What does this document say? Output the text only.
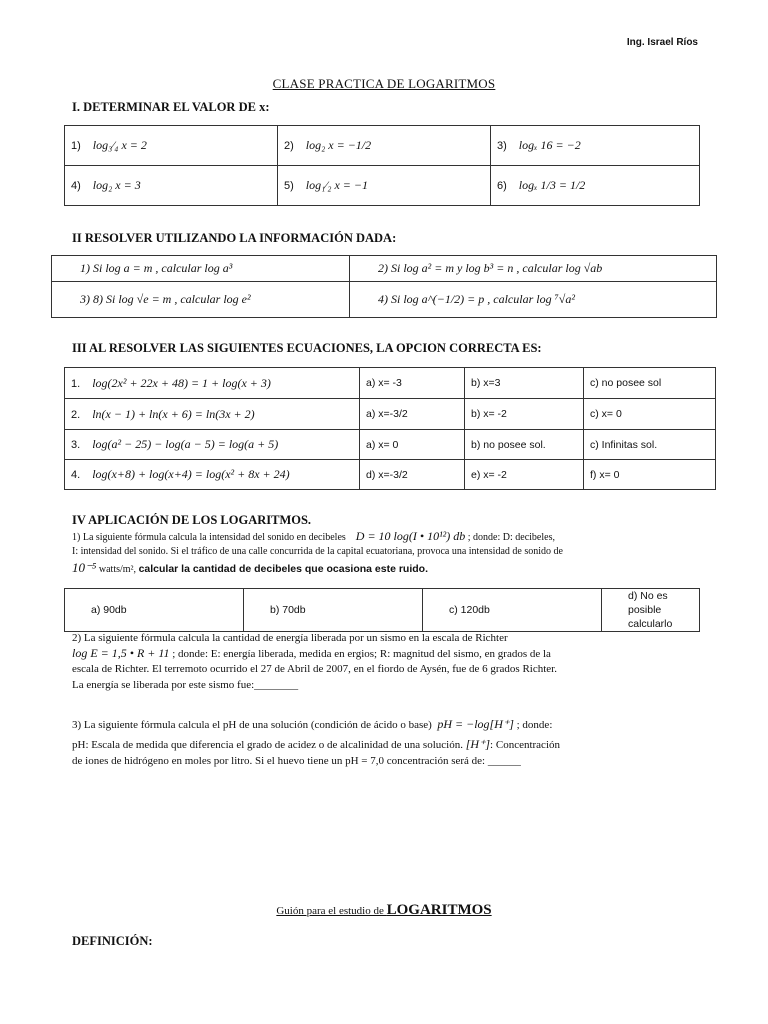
Ing. Israel Ríos
CLASE PRACTICA DE LOGARITMOS
I. DETERMINAR EL VALOR DE x:
1) log₃⁄₄ x = 2	2) log₂ x = −1/2	3) logₓ 16 = −2
4) log₂ x = 3	5) log₁⁄₂ x = −1	6) logₓ 1/3 = 1/2
II RESOLVER UTILIZANDO LA INFORMACIÓN DADA:
1) Si log a = m , calcular log a³	2) Si log a² = m y log b³ = n , calcular log √ab
3) 8) Si log √e = m , calcular log e²	4) Si log a^(−1/2) = p , calcular log ⁷√a²
III AL RESOLVER LAS SIGUIENTES ECUACIONES, LA OPCION CORRECTA ES:
1. log(2x² + 22x + 48) = 1 + log(x + 3)	a) x= -3	b) x=3	c) no posee sol
2. ln(x − 1) + ln(x + 6) = ln(3x + 2)	a) x=-3/2	b) x= -2	c) x= 0
3. log(a² − 25) − log(a − 5) = log(a + 5)	a) x= 0	b) no posee sol.	c) Infinitas sol.
4. log(x+8) + log(x+4) = log(x² + 8x + 24)	d) x=-3/2	e) x= -2	f) x= 0
IV APLICACIÓN DE LOS LOGARITMOS.
1) La siguiente fórmula calcula la intensidad del sonido en decibeles D = 10 log(I • 10¹²) db ; donde: D: decibeles,
I: intensidad del sonido. Si el tráfico de una calle concurrida de la capital ecuatoriana, provoca una intensidad de sonido de
10⁻⁵ watts/m², calcular la cantidad de decibeles que ocasiona este ruido.
a) 90db	b) 70db	c) 120db	d) No es posible calcularlo
2) La siguiente fórmula calcula la cantidad de energía liberada por un sismo en la escala de Richter
log E = 1,5 • R + 11 ; donde: E: energía liberada, medida en ergios; R: magnitud del sismo, en grados de la
escala de Richter. El terremoto ocurrido el 27 de Abril de 2007, en el fiordo de Aysén, fue de 6 grados Richter.
La energía se liberada por este sismo fue:________
3) La siguiente fórmula calcula el pH de una solución (condición de ácido o base) pH = −log[H⁺] ; donde:
pH: Escala de medida que diferencia el grado de acidez o de alcalinidad de una solución. [H⁺]: Concentración
de iones de hidrógeno en moles por litro. Si el huevo tiene un pH = 7,0 concentración será de: ______
Guión para el estudio de LOGARITMOS
DEFINICIÓN:
